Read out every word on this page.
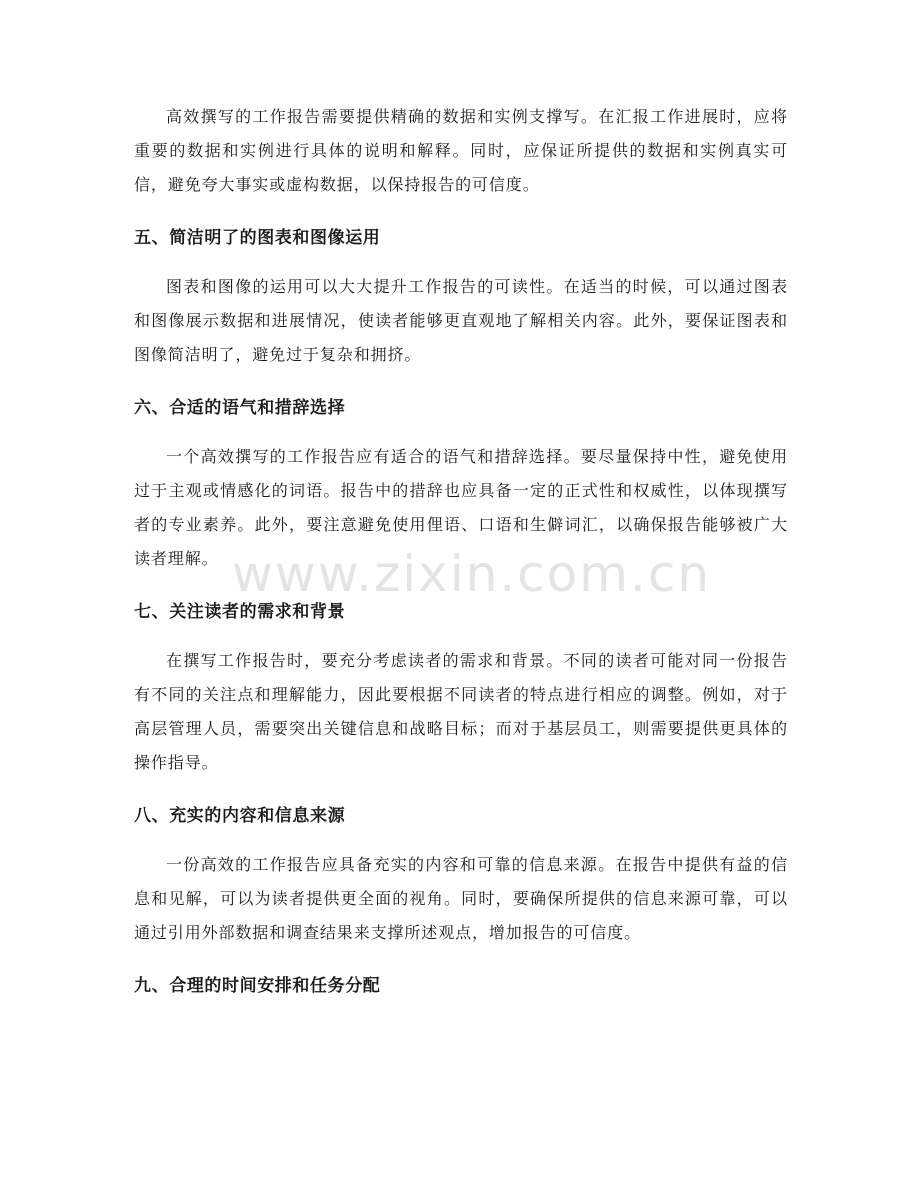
高效撰写的工作报告需要提供精确的数据和实例支撑写。在汇报工作进展时，应将重要的数据和实例进行具体的说明和解释。同时，应保证所提供的数据和实例真实可信，避免夸大事实或虚构数据，以保持报告的可信度。

五、简洁明了的图表和图像运用

图表和图像的运用可以大大提升工作报告的可读性。在适当的时候，可以通过图表和图像展示数据和进展情况，使读者能够更直观地了解相关内容。此外，要保证图表和图像简洁明了，避免过于复杂和拥挤。

六、合适的语气和措辞选择

一个高效撰写的工作报告应有适合的语气和措辞选择。要尽量保持中性，避免使用过于主观或情感化的词语。报告中的措辞也应具备一定的正式性和权威性，以体现撰写者的专业素养。此外，要注意避免使用俚语、口语和生僻词汇，以确保报告能够被广大读者理解。

七、关注读者的需求和背景

在撰写工作报告时，要充分考虑读者的需求和背景。不同的读者可能对同一份报告有不同的关注点和理解能力，因此要根据不同读者的特点进行相应的调整。例如，对于高层管理人员，需要突出关键信息和战略目标；而对于基层员工，则需要提供更具体的操作指导。

八、充实的内容和信息来源

一份高效的工作报告应具备充实的内容和可靠的信息来源。在报告中提供有益的信息和见解，可以为读者提供更全面的视角。同时，要确保所提供的信息来源可靠，可以通过引用外部数据和调查结果来支撑所述观点，增加报告的可信度。

九、合理的时间安排和任务分配
www.zixin.com.cn
